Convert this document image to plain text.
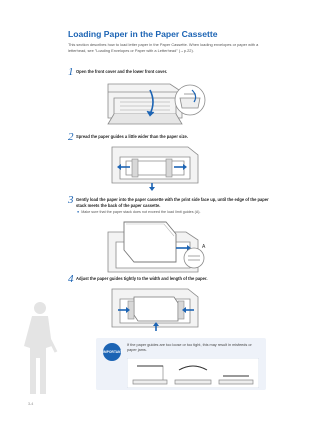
Loading Paper in the Paper Cassette

This section describes how to load letter paper in the Paper Cassette. When loading envelopes or paper with a letterhead, see "Loading Envelopes or Paper with a Letterhead" (→p.22).

1 Open the front cover and the lower front cover.

2 Spread the paper guides a little wider than the paper size.

3 Gently load the paper into the paper cassette with the print side face up, until the edge of the paper stack meets the back of the paper cassette.

● Make sure that the paper stack does not exceed the load limit guides (A).

A
4 Adjust the paper guides tightly to the width and length of the paper.

IMPORTANT

If the paper guides are too loose or too tight, this may result in misfeeds or paper jams.

3-4
